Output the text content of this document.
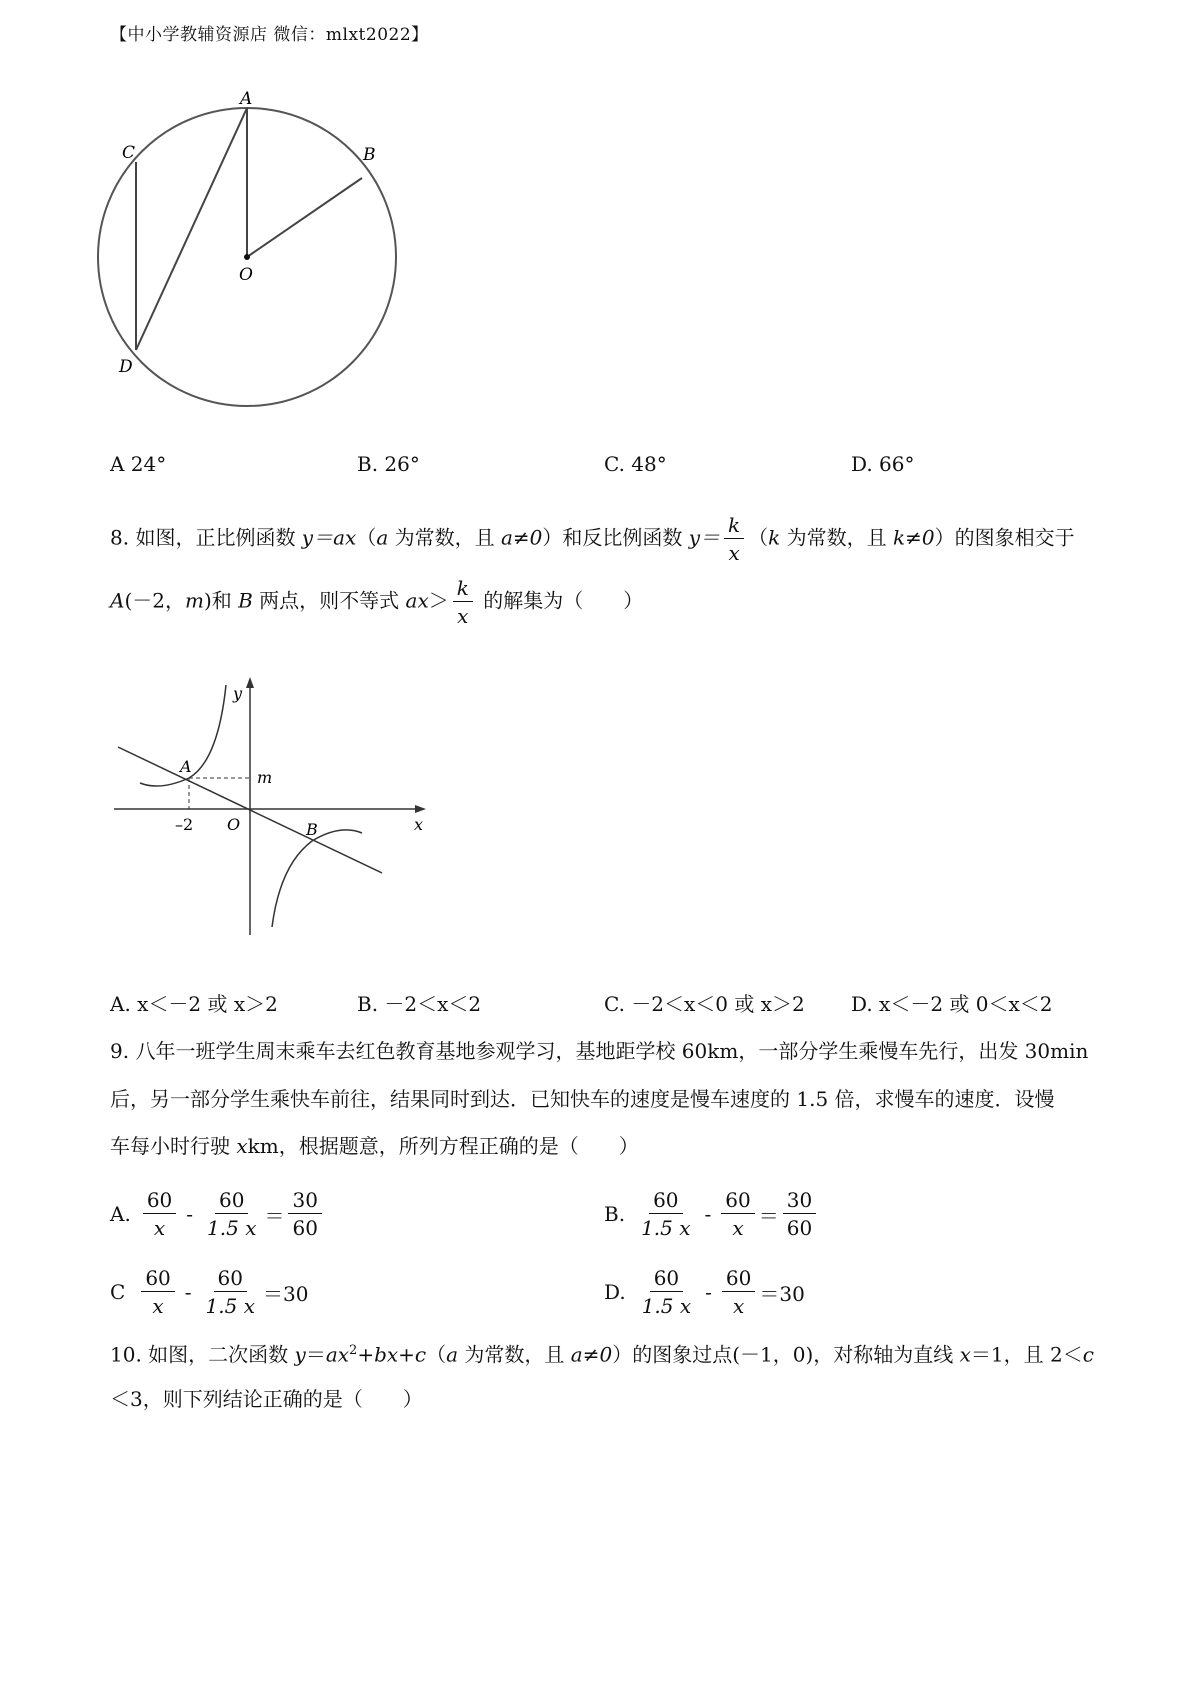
【中小学教辅资源店 微信：mlxt2022】
A
B
C
D
O
A 24°	B. 26°	C. 48°	D. 66°
8. 如图，正比例函数 y＝ax（a 为常数，且 a≠0）和反比例函数 $y= \frac{k}{x} (k$ 为常数，且 k≠0）的图象相交于
A(－2，m)和 B 两点，则不等式 $ax> \frac{k}{x}$ 的解集为（　　）
y
x
A
B
m
O
–2
A. x＜－2 或 x＞2	B. －2＜x＜2	C. －2＜x＜0 或 x＞2 D. x＜－2 或 0＜x＜2
9. 八年一班学生周末乘车去红色教育基地参观学习，基地距学校 60km，一部分学生乘慢车先行，出发 30min
后，另一部分学生乘快车前往，结果同时到达．已知快车的速度是慢车速度的 1.5 倍，求慢车的速度．设慢
车每小时行驶 xkm，根据题意，所列方程正确的是（　　）
A. $\frac{60}{x} - \frac{60}{1.5 x} = \frac{30}{60}$	B. $\frac{60}{1.5 x} - \frac{60}{x} = \frac{30}{60}$
C $\frac{60}{x} - \frac{60}{1.5 x} =30$	D. $\frac{60}{1.5 x} - \frac{60}{x} =30$
10. 如图，二次函数 $y=ax^2+bx+c(a$ 为常数，且 a≠0）的图象过点(－1，0)，对称轴为直线 x＝1，且 2＜c
＜3，则下列结论正确的是（　　）
